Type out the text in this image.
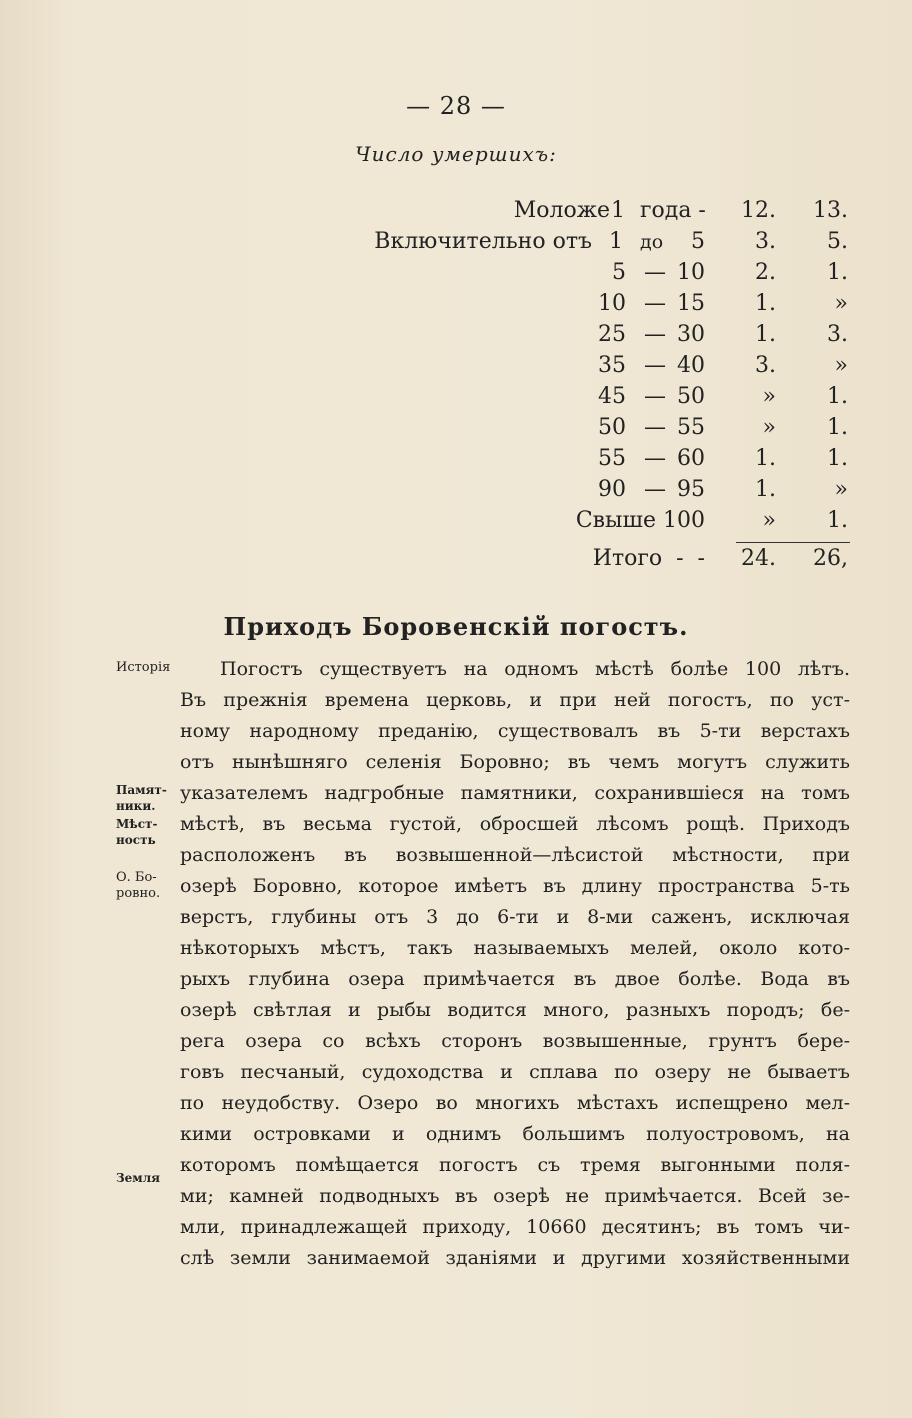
— 28 —
Число умершихъ:
Моложе 1 года - 12. 13.
Включительно отъ 1 до 5 3. 5.
5 — 10 2. 1.
10 — 15 1.	»
25 — 30 1. 3.
35 — 40 3.	»
45 — 50	» 1.
50 — 55	» 1.
55 — 60 1. 1.
90 — 95 1.	»
Свыше 100	» 1.
Итого  -  - 24. 26,
Приходъ Боровенскій погостъ.
Исторія
Памят-
ники.
Мѣст-
ность
О. Бо-
ровно.
Земля
Погостъ существуетъ на одномъ мѣстѣ болѣе 100 лѣтъ.
Въ прежнія времена церковь, и при ней погостъ, по уст-
ному народному преданію, существовалъ въ 5-ти верстахъ
отъ нынѣшняго селенія Боровно; въ чемъ могутъ служить
указателемъ надгробные памятники, сохранившіеся на томъ
мѣстѣ, въ весьма густой, обросшей лѣсомъ рощѣ. Приходъ
расположенъ въ возвышенной—лѣсистой мѣстности, при
озерѣ Боровно, которое имѣетъ въ длину пространства 5-ть
верстъ, глубины отъ 3 до 6-ти и 8-ми саженъ, исключая
нѣкоторыхъ мѣстъ, такъ называемыхъ мелей, около кото-
рыхъ глубина озера примѣчается въ двое болѣе. Вода въ
озерѣ свѣтлая и рыбы водится много, разныхъ породъ; бе-
рега озера со всѣхъ сторонъ возвышенные, грунтъ бере-
говъ песчаный, судоходства и сплава по озеру не бываетъ
по неудобству. Озеро во многихъ мѣстахъ испещрено мел-
кими островками и однимъ большимъ полуостровомъ, на
которомъ помѣщается погостъ съ тремя выгонными поля-
ми; камней подводныхъ въ озерѣ не примѣчается. Всей зе-
мли, принадлежащей приходу, 10660 десятинъ; въ томъ чи-
слѣ земли занимаемой зданіями и другими хозяйственными
